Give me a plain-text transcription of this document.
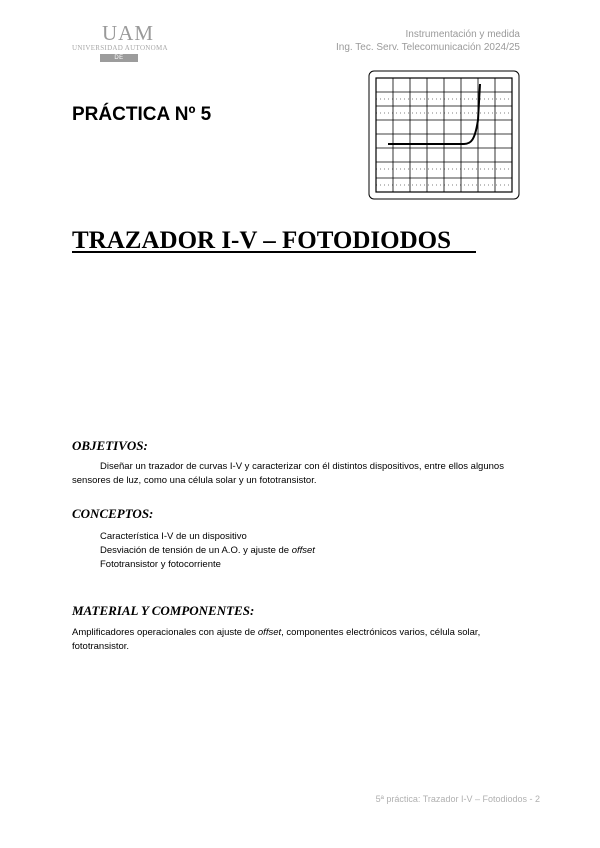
UAM
UNIVERSIDAD AUTONOMA
DE MADRID
Instrumentación y medida
Ing. Tec. Serv. Telecomunicación 2024/25
PRÁCTICA Nº 5
TRAZADOR I-V – FOTODIODOS
OBJETIVOS:
Diseñar un trazador de curvas I-V y caracterizar con él distintos dispositivos, entre ellos algunos sensores de luz, como una célula solar y un fototransistor.
CONCEPTOS:
Característica I-V de un dispositivo
Desviación de tensión de un A.O. y ajuste de offset
Fototransistor y fotocorriente
MATERIAL Y COMPONENTES:
Amplificadores operacionales con ajuste de offset, componentes electrónicos varios, célula solar, fototransistor.
5ª práctica: Trazador I-V – Fotodiodos - 2
